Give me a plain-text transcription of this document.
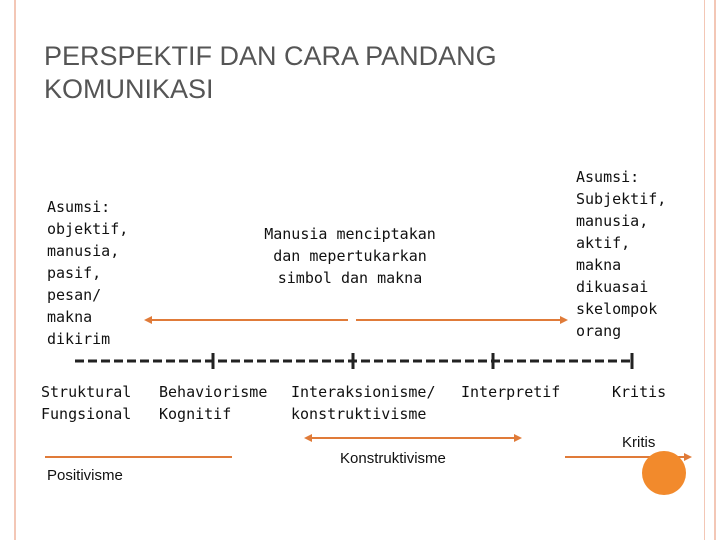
PERSPEKTIF DAN CARA PANDANG
KOMUNIKASI
Asumsi:
objektif,
manusia,
pasif,
pesan/
makna
dikirim
Manusia menciptakan
dan mepertukarkan
simbol dan makna
Asumsi:
Subjektif,
manusia,
aktif,
makna
dikuasai
skelompok
orang
Struktural
Fungsional
Behaviorisme
Kognitif
Interaksionisme/
konstruktivisme
Interpretif	Kritis
Konstruktivisme
Positivisme
Kritis
